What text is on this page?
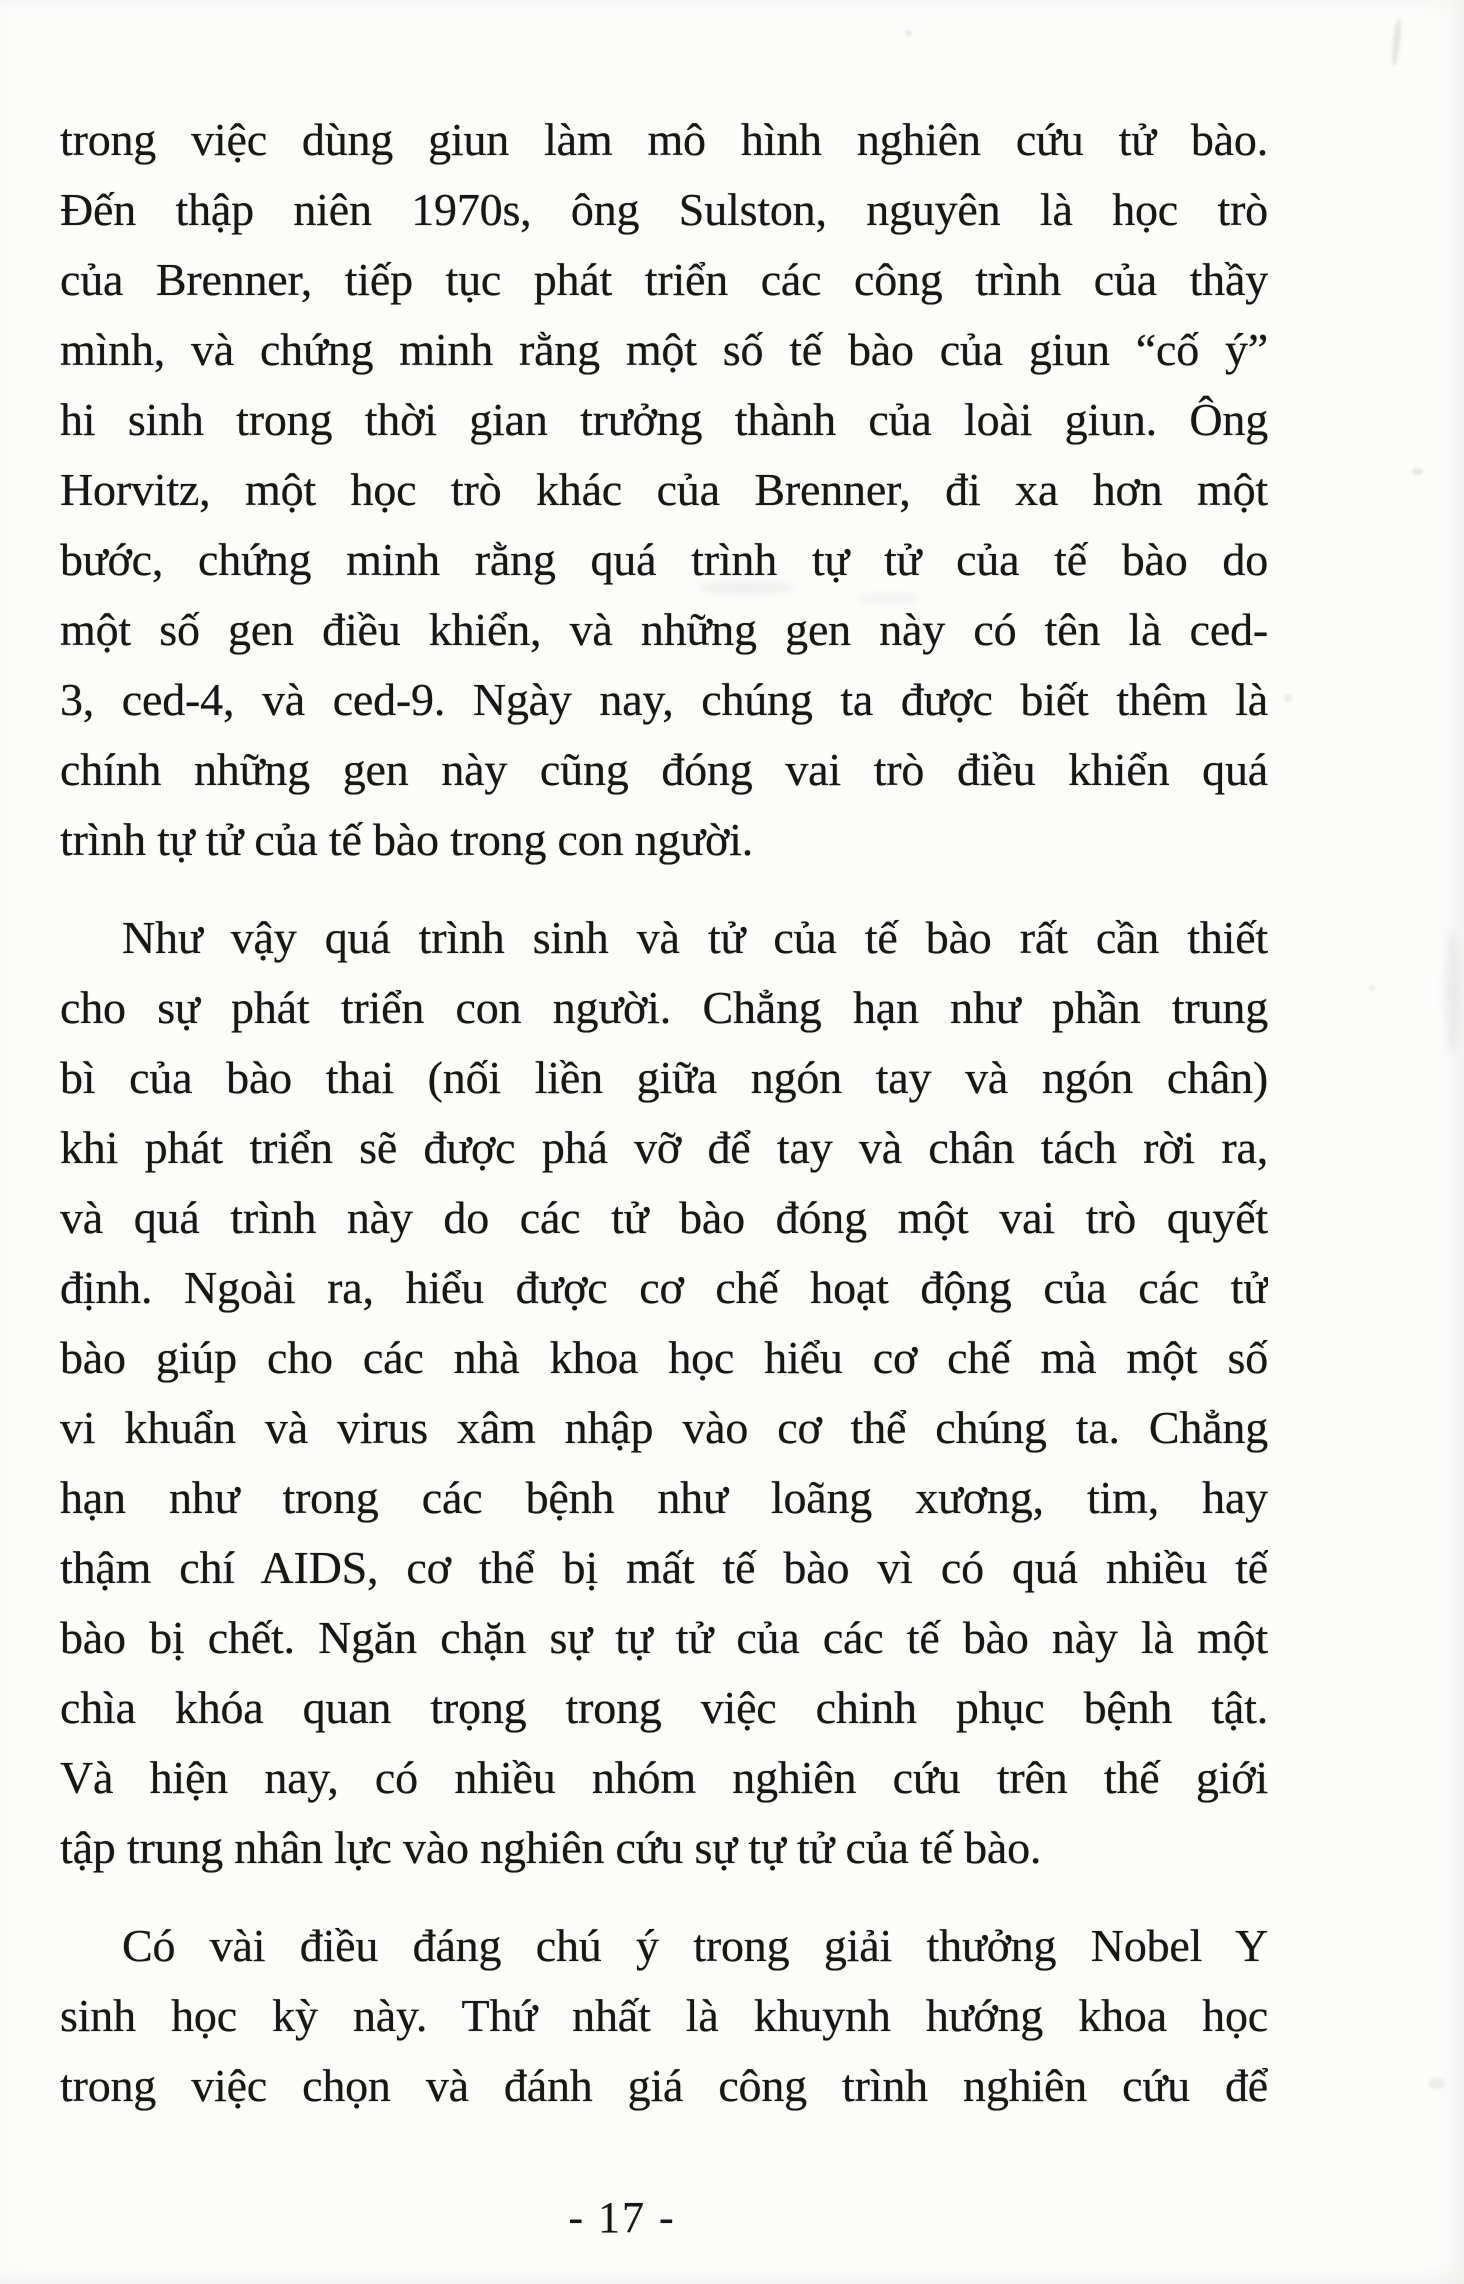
trong việc dùng giun làm mô hình nghiên cứu tử bào.
Đến thập niên 1970s, ông Sulston, nguyên là học trò
của Brenner, tiếp tục phát triển các công trình của thầy
mình, và chứng minh rằng một số tế bào của giun “cố ý”
hi sinh trong thời gian trưởng thành của loài giun. Ông
Horvitz, một học trò khác của Brenner, đi xa hơn một
bước, chứng minh rằng quá trình tự tử của tế bào do
một số gen điều khiển, và những gen này có tên là ced-
3, ced-4, và ced-9. Ngày nay, chúng ta được biết thêm là
chính những gen này cũng đóng vai trò điều khiển quá
trình tự tử của tế bào trong con người.
Như vậy quá trình sinh và tử của tế bào rất cần thiết
cho sự phát triển con người. Chẳng hạn như phần trung
bì của bào thai (nối liền giữa ngón tay và ngón chân)
khi phát triển sẽ được phá vỡ để tay và chân tách rời ra,
và quá trình này do các tử bào đóng một vai trò quyết
định. Ngoài ra, hiểu được cơ chế hoạt động của các tử
bào giúp cho các nhà khoa học hiểu cơ chế mà một số
vi khuẩn và virus xâm nhập vào cơ thể chúng ta. Chẳng
hạn như trong các bệnh như loãng xương, tim, hay
thậm chí AIDS, cơ thể bị mất tế bào vì có quá nhiều tế
bào bị chết. Ngăn chặn sự tự tử của các tế bào này là một
chìa khóa quan trọng trong việc chinh phục bệnh tật.
Và hiện nay, có nhiều nhóm nghiên cứu trên thế giới
tập trung nhân lực vào nghiên cứu sự tự tử của tế bào.
Có vài điều đáng chú ý trong giải thưởng Nobel Y
sinh học kỳ này. Thứ nhất là khuynh hướng khoa học
trong việc chọn và đánh giá công trình nghiên cứu để
- 17 -
